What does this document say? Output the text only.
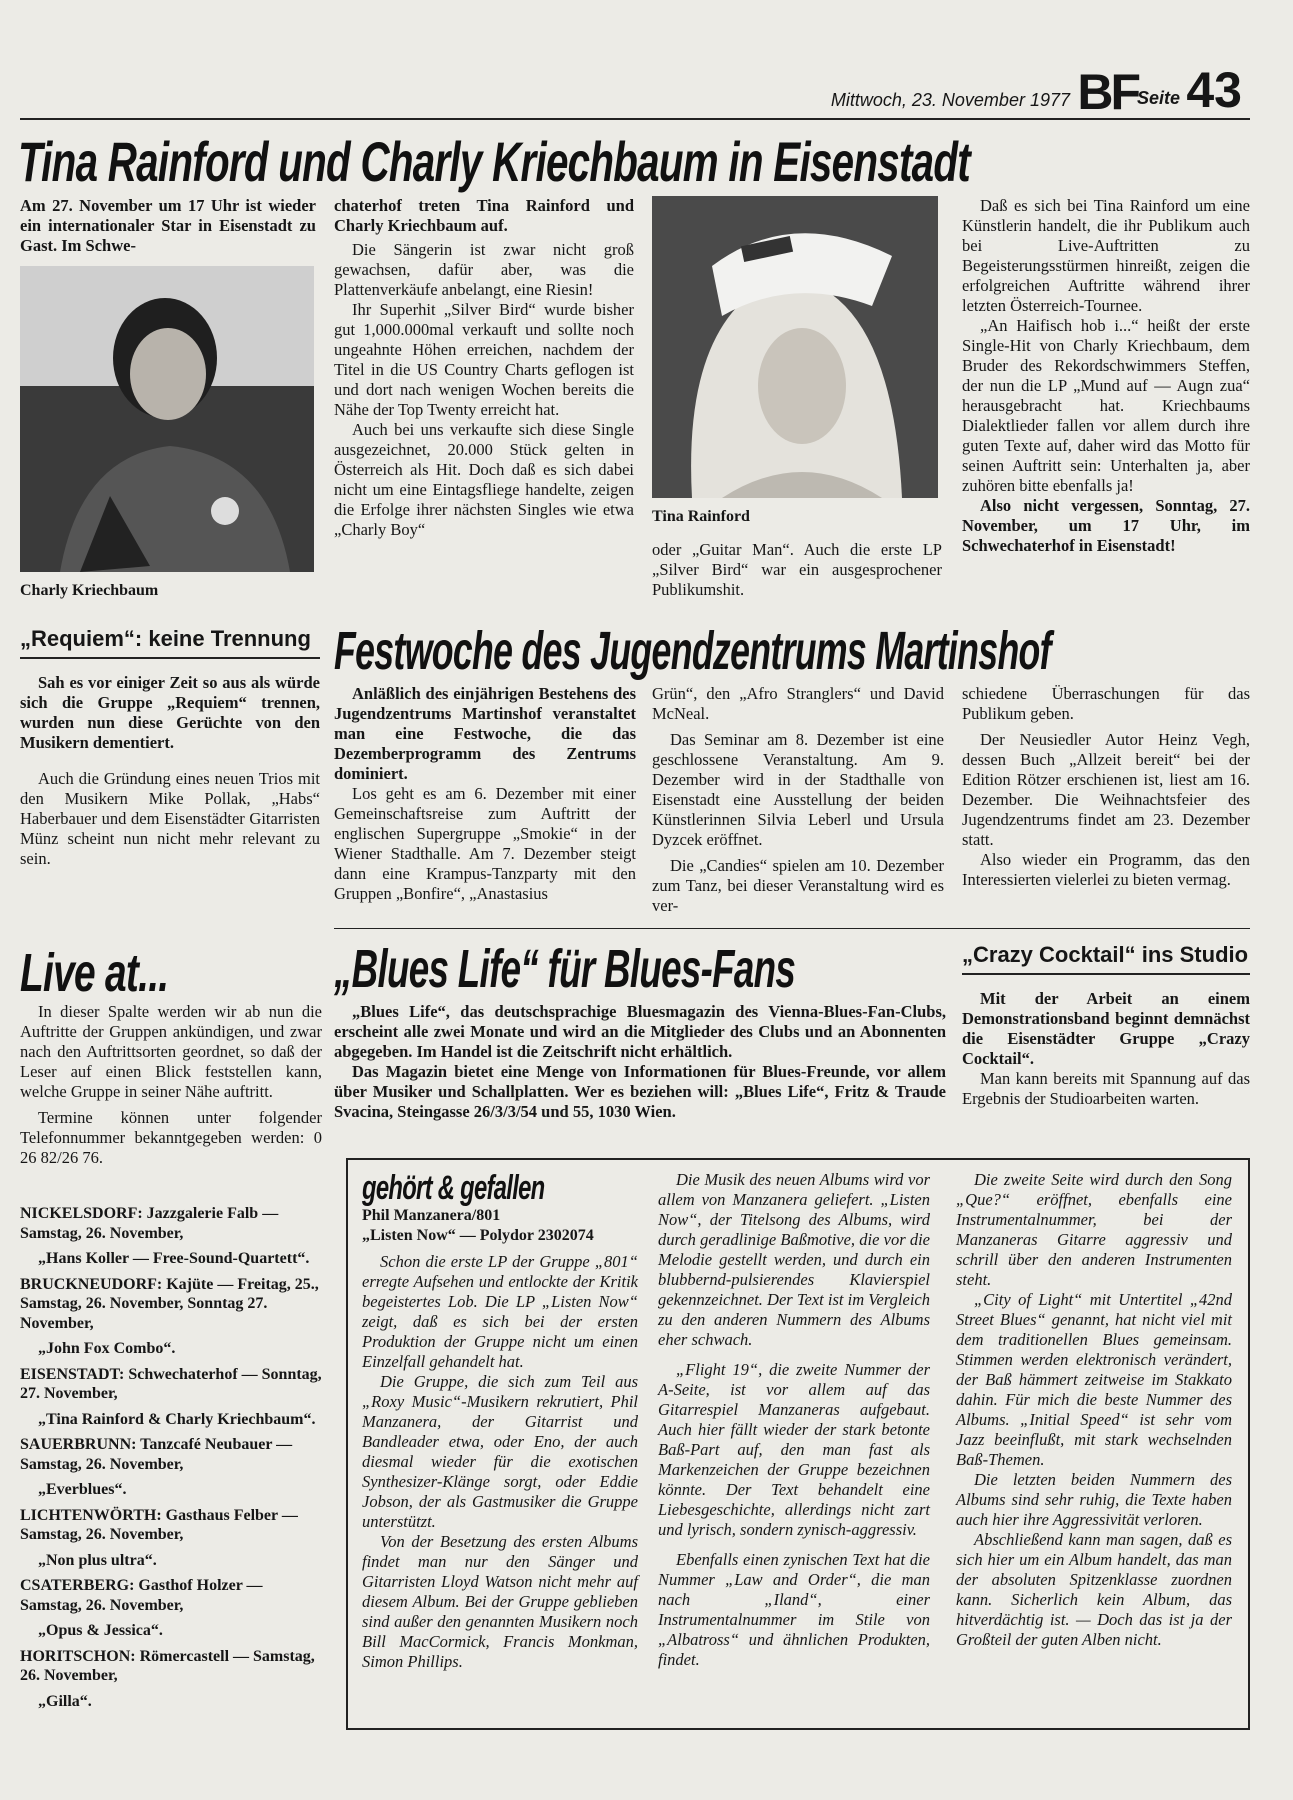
Mittwoch, 23. November 1977 BF
Seite 43
Tina Rainford und Charly Kriechbaum in Eisenstadt

Am 27. November um 17 Uhr ist wieder ein internationaler Star in Eisenstadt zu Gast. Im Schwe-

Charly Kriechbaum

chaterhof treten Tina Rainford und Charly Kriechbaum auf.

Die Sängerin ist zwar nicht groß gewachsen, dafür aber, was die Plattenverkäufe anbelangt, eine Riesin!

Ihr Superhit „Silver Bird“ wurde bisher gut 1,000.000mal verkauft und sollte noch ungeahnte Höhen erreichen, nachdem der Titel in die US Country Charts geflogen ist und dort nach wenigen Wochen bereits die Nähe der Top Twenty erreicht hat.

Auch bei uns verkaufte sich diese Single ausgezeichnet, 20.000 Stück gelten in Österreich als Hit. Doch daß es sich dabei nicht um eine Eintagsfliege handelte, zeigen die Erfolge ihrer nächsten Singles wie etwa „Charly Boy“

Tina Rainford

oder „Guitar Man“. Auch die erste LP „Silver Bird“ war ein ausgesprochener Publikumshit.

Daß es sich bei Tina Rainford um eine Künstlerin handelt, die ihr Publikum auch bei Live-Auftritten zu Begeisterungsstürmen hinreißt, zeigen die erfolgreichen Auftritte während ihrer letzten Österreich-Tournee.

„An Haifisch hob i...“ heißt der erste Single-Hit von Charly Kriechbaum, dem Bruder des Rekordschwimmers Steffen, der nun die LP „Mund auf — Augn zua“ herausgebracht hat. Kriechbaums Dialektlieder fallen vor allem durch ihre guten Texte auf, daher wird das Motto für seinen Auftritt sein: Unterhalten ja, aber zuhören bitte ebenfalls ja!

Also nicht vergessen, Sonntag, 27. November, um 17 Uhr, im Schwechaterhof in Eisenstadt!

„Requiem“: keine Trennung

Sah es vor einiger Zeit so aus als würde sich die Gruppe „Requiem“ trennen, wurden nun diese Gerüchte von den Musikern dementiert.

Auch die Gründung eines neuen Trios mit den Musikern Mike Pollak, „Habs“ Haberbauer und dem Eisenstädter Gitarristen Münz scheint nun nicht mehr relevant zu sein.

Festwoche des Jugendzentrums Martinshof

Anläßlich des einjährigen Bestehens des Jugendzentrums Martinshof veranstaltet man eine Festwoche, die das Dezemberprogramm des Zentrums dominiert.

Los geht es am 6. Dezember mit einer Gemeinschaftsreise zum Auftritt der englischen Supergruppe „Smokie“ in der Wiener Stadthalle. Am 7. Dezember steigt dann eine Krampus-Tanzparty mit den Gruppen „Bonfire“, „Anastasius

Grün“, den „Afro Stranglers“ und David McNeal.

Das Seminar am 8. Dezember ist eine geschlossene Veranstaltung. Am 9. Dezember wird in der Stadthalle von Eisenstadt eine Ausstellung der beiden Künstlerinnen Silvia Leberl und Ursula Dyzcek eröffnet.

Die „Candies“ spielen am 10. Dezember zum Tanz, bei dieser Veranstaltung wird es ver-

schiedene Überraschungen für das Publikum geben.

Der Neusiedler Autor Heinz Vegh, dessen Buch „Allzeit bereit“ bei der Edition Rötzer erschienen ist, liest am 16. Dezember. Die Weihnachtsfeier des Jugendzentrums findet am 23. Dezember statt.

Also wieder ein Programm, das den Interessierten vielerlei zu bieten vermag.

Live at...

In dieser Spalte werden wir ab nun die Auftritte der Gruppen ankündigen, und zwar nach den Auftrittsorten geordnet, so daß der Leser auf einen Blick feststellen kann, welche Gruppe in seiner Nähe auftritt.

Termine können unter folgender Telefonnummer bekanntgegeben werden: 0 26 82/26 76.

NICKELSDORF: Jazzgalerie Falb — Samstag, 26. November,

„Hans Koller — Free-Sound-Quartett“.

BRUCKNEUDORF: Kajüte — Freitag, 25., Samstag, 26. November, Sonntag 27. November,

„John Fox Combo“.

EISENSTADT: Schwechaterhof — Sonntag, 27. November,

„Tina Rainford & Charly Kriechbaum“.

SAUERBRUNN: Tanzcafé Neubauer — Samstag, 26. November,

„Everblues“.

LICHTENWÖRTH: Gasthaus Felber — Samstag, 26. November,

„Non plus ultra“.

CSATERBERG: Gasthof Holzer — Samstag, 26. November,

„Opus & Jessica“.

HORITSCHON: Römercastell — Samstag, 26. November,

„Gilla“.

„Blues Life“ für Blues-Fans

„Blues Life“, das deutschsprachige Bluesmagazin des Vienna-Blues-Fan-Clubs, erscheint alle zwei Monate und wird an die Mitglieder des Clubs und an Abonnenten abgegeben. Im Handel ist die Zeitschrift nicht erhältlich.

Das Magazin bietet eine Menge von Informationen für Blues-Freunde, vor allem über Musiker und Schallplatten. Wer es beziehen will: „Blues Life“, Fritz & Traude Svacina, Steingasse 26/3/3/54 und 55, 1030 Wien.

„Crazy Cocktail“ ins Studio

Mit der Arbeit an einem Demonstrationsband beginnt demnächst die Eisenstädter Gruppe „Crazy Cocktail“.

Man kann bereits mit Spannung auf das Ergebnis der Studioarbeiten warten.

gehört & gefallen

Phil Manzanera/801

„Listen Now“ — Polydor 2302074

Schon die erste LP der Gruppe „801“ erregte Aufsehen und entlockte der Kritik begeistertes Lob. Die LP „Listen Now“ zeigt, daß es sich bei der ersten Produktion der Gruppe nicht um einen Einzelfall gehandelt hat.

Die Gruppe, die sich zum Teil aus „Roxy Music“-Musikern rekrutiert, Phil Manzanera, der Gitarrist und Bandleader etwa, oder Eno, der auch diesmal wieder für die exotischen Synthesizer-Klänge sorgt, oder Eddie Jobson, der als Gastmusiker die Gruppe unterstützt.

Von der Besetzung des ersten Albums findet man nur den Sänger und Gitarristen Lloyd Watson nicht mehr auf diesem Album. Bei der Gruppe geblieben sind außer den genannten Musikern noch Bill MacCormick, Francis Monkman, Simon Phillips.

Die Musik des neuen Albums wird vor allem von Manzanera geliefert. „Listen Now“, der Titelsong des Albums, wird durch geradlinige Baßmotive, die vor die Melodie gestellt werden, und durch ein blubbernd-pulsierendes Klavierspiel gekennzeichnet. Der Text ist im Vergleich zu den anderen Nummern des Albums eher schwach.

„Flight 19“, die zweite Nummer der A-Seite, ist vor allem auf das Gitarrespiel Manzaneras aufgebaut. Auch hier fällt wieder der stark betonte Baß-Part auf, den man fast als Markenzeichen der Gruppe bezeichnen könnte. Der Text behandelt eine Liebesgeschichte, allerdings nicht zart und lyrisch, sondern zynisch-aggressiv.

Ebenfalls einen zynischen Text hat die Nummer „Law and Order“, die man nach „Iland“, einer Instrumentalnummer im Stile von „Albatross“ und ähnlichen Produkten, findet.

Die zweite Seite wird durch den Song „Que?“ eröffnet, ebenfalls eine Instrumentalnummer, bei der Manzaneras Gitarre aggressiv und schrill über den anderen Instrumenten steht.

„City of Light“ mit Untertitel „42nd Street Blues“ genannt, hat nicht viel mit dem traditionellen Blues gemeinsam. Stimmen werden elektronisch verändert, der Baß hämmert zeitweise im Stakkato dahin. Für mich die beste Nummer des Albums. „Initial Speed“ ist sehr vom Jazz beeinflußt, mit stark wechselnden Baß-Themen.

Die letzten beiden Nummern des Albums sind sehr ruhig, die Texte haben auch hier ihre Aggressivität verloren.

Abschließend kann man sagen, daß es sich hier um ein Album handelt, das man der absoluten Spitzenklasse zuordnen kann. Sicherlich kein Album, das hitverdächtig ist. — Doch das ist ja der Großteil der guten Alben nicht.
